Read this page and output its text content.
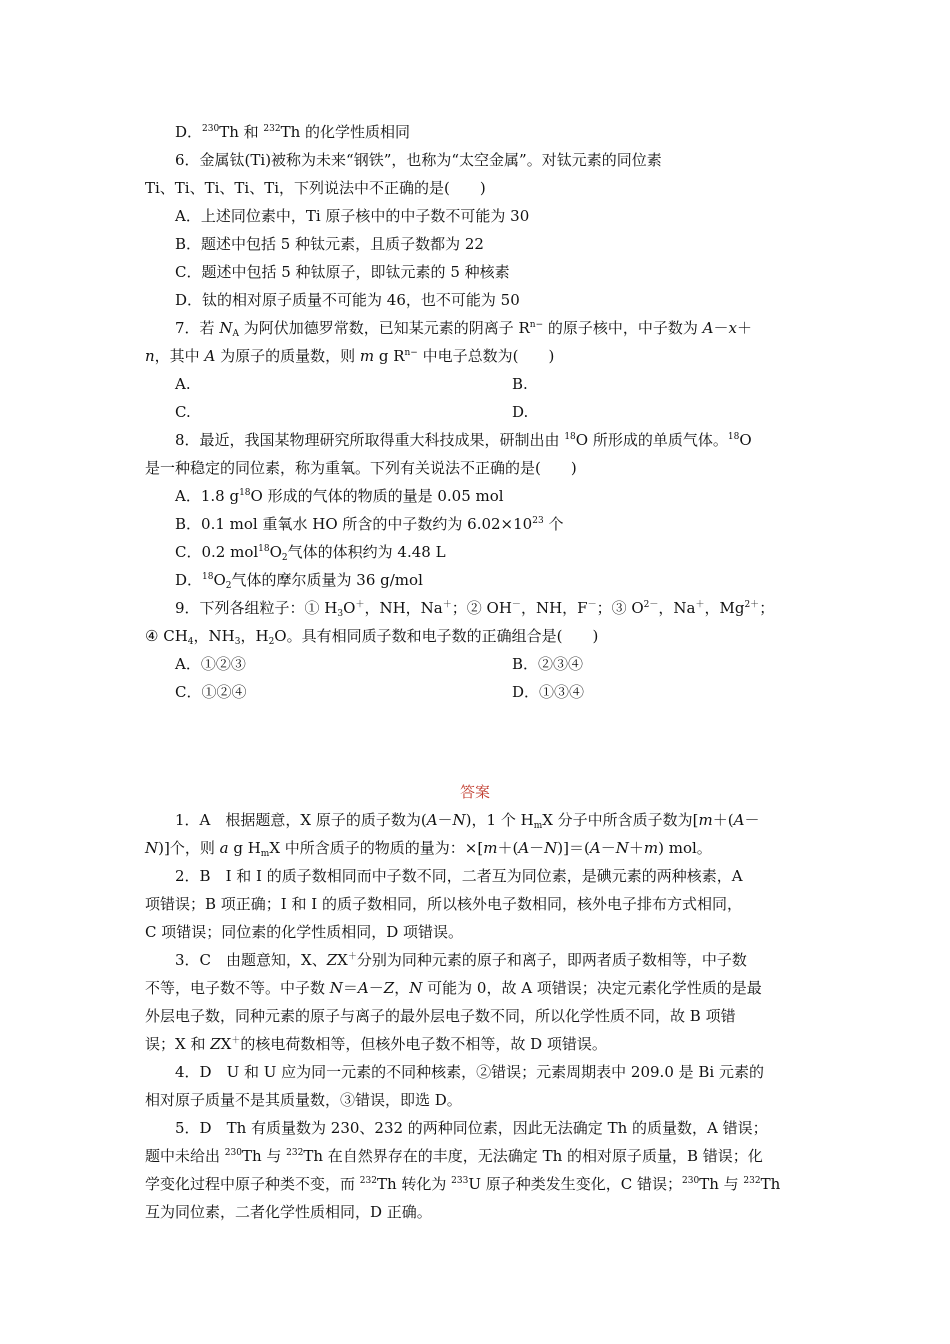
D．$^{230}$Th 和 $^{232}$Th 的化学性质相同
6．金属钛(Ti)被称为未来“钢铁”，也称为“太空金属”。对钛元素的同位素
Ti、Ti、Ti、Ti、Ti，下列说法中不正确的是(　　)
A．上述同位素中，Ti 原子核中的中子数不可能为 30
B．题述中包括 5 种钛元素，且质子数都为 22
C．题述中包括 5 种钛原子，即钛元素的 5 种核素
D．钛的相对原子质量不可能为 46，也不可能为 50
7．若 $N_A$ 为阿伏加德罗常数，已知某元素的阴离子 $R^{n-}$ 的原子核中，中子数为 A－x＋
n，其中 A 为原子的质量数，则 m g $R^{n-}$ 中电子总数为(　　)
A.	B.
C.	D.
8．最近，我国某物理研究所取得重大科技成果，研制出由 $^{18}$O 所形成的单质气体。$^{18}$O
是一种稳定的同位素，称为重氧。下列有关说法不正确的是(　　)
A．1.8 $g^{18}O$ 形成的气体的物质的量是 0.05 mol
B．0.1 mol 重氧水 HO 所含的中子数约为 $6.02\times 10^{23}$ 个
C．0.2 $mol^{18}O_2$气体的体积约为 4.48 L
D．$^{18}O_2$气体的摩尔质量为 36 g/mol
9．下列各组粒子：① $H_3O^+$，NH，Na＋；② OH－，NH，F－；③ $O^{2-}$，Na＋，$Mg^{2+}$；
④ $CH_4$，$NH_3$，$H_2O$。具有相同质子数和电子数的正确组合是(　　)
A．①②③	B．②③④
C．①②④	D．①③④
答案
1．A　根据题意，X 原子的质子数为(A－N)，1 个 $H_mX$ 分子中所含质子数为[m＋(A－
N)]个，则 a g $H_mX$ 中所含质子的物质的量为：×[m＋(A－N)]＝(A－N＋m) mol。
2．B　I 和 I 的质子数相同而中子数不同，二者互为同位素，是碘元素的两种核素，A
项错误；B 项正确；I 和 I 的质子数相同，所以核外电子数相同，核外电子排布方式相同，
C 项错误；同位素的化学性质相同，D 项错误。
3．C　由题意知，X、ZX＋分别为同种元素的原子和离子，即两者质子数相等，中子数
不等，电子数不等。中子数 N＝A－Z，N 可能为 0，故 A 项错误；决定元素化学性质的是最
外层电子数，同种元素的原子与离子的最外层电子数不同，所以化学性质不同，故 B 项错
误；X 和 ZX＋的核电荷数相等，但核外电子数不相等，故 D 项错误。
4．D　U 和 U 应为同一元素的不同种核素，②错误；元素周期表中 209.0 是 Bi 元素的
相对原子质量不是其质量数，③错误，即选 D。
5．D　Th 有质量数为 230、232 的两种同位素，因此无法确定 Th 的质量数，A 错误；
题中未给出 $^{230}$Th 与 $^{232}$Th 在自然界存在的丰度，无法确定 Th 的相对原子质量，B 错误；化
学变化过程中原子种类不变，而 $^{232}$Th 转化为 $^{233}$U 原子种类发生变化，C 错误；$^{230}$Th 与 $^{232}$Th
互为同位素，二者化学性质相同，D 正确。
